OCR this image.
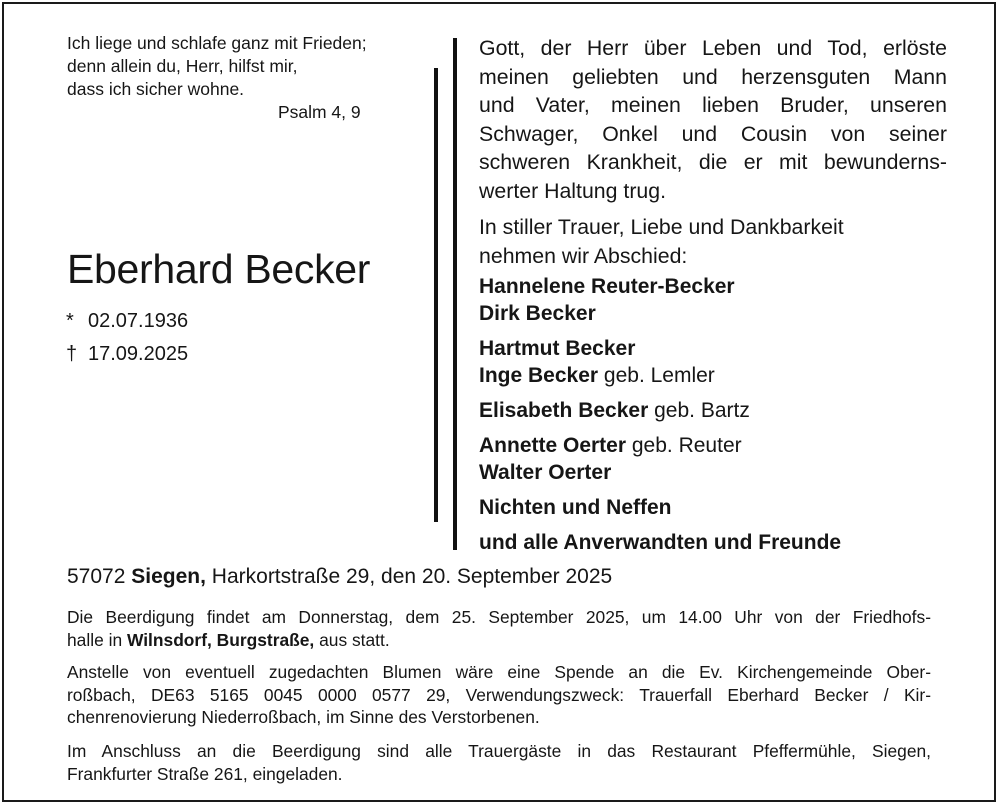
Ich liege und schlafe ganz mit Frieden;
denn allein du, Herr, hilfst mir,
dass ich sicher wohne.
Psalm 4, 9
Eberhard Becker
* 02.07.1936
† 17.09.2025
Gott, der Herr über Leben und Tod, erlöste
meinen geliebten und herzensguten Mann
und Vater, meinen lieben Bruder, unseren
Schwager, Onkel und Cousin von seiner
schweren Krankheit, die er mit bewunderns-
werter Haltung trug.
In stiller Trauer, Liebe und Dankbarkeit
nehmen wir Abschied:
Hannelene Reuter-Becker
Dirk Becker
Hartmut Becker
Inge Becker geb. Lemler
Elisabeth Becker geb. Bartz
Annette Oerter geb. Reuter
Walter Oerter
Nichten und Neffen
und alle Anverwandten und Freunde
57072 Siegen, Harkortstraße 29, den 20. September 2025
Die Beerdigung findet am Donnerstag, dem 25. September 2025, um 14.00 Uhr von der Friedhofs-
halle in Wilnsdorf, Burgstraße, aus statt.
Anstelle von eventuell zugedachten Blumen wäre eine Spende an die Ev. Kirchengemeinde Ober-
roßbach, DE63 5165 0045 0000 0577 29, Verwendungszweck: Trauerfall Eberhard Becker / Kir-
chenrenovierung Niederroßbach, im Sinne des Verstorbenen.
Im Anschluss an die Beerdigung sind alle Trauergäste in das Restaurant Pfeffermühle, Siegen,
Frankfurter Straße 261, eingeladen.
